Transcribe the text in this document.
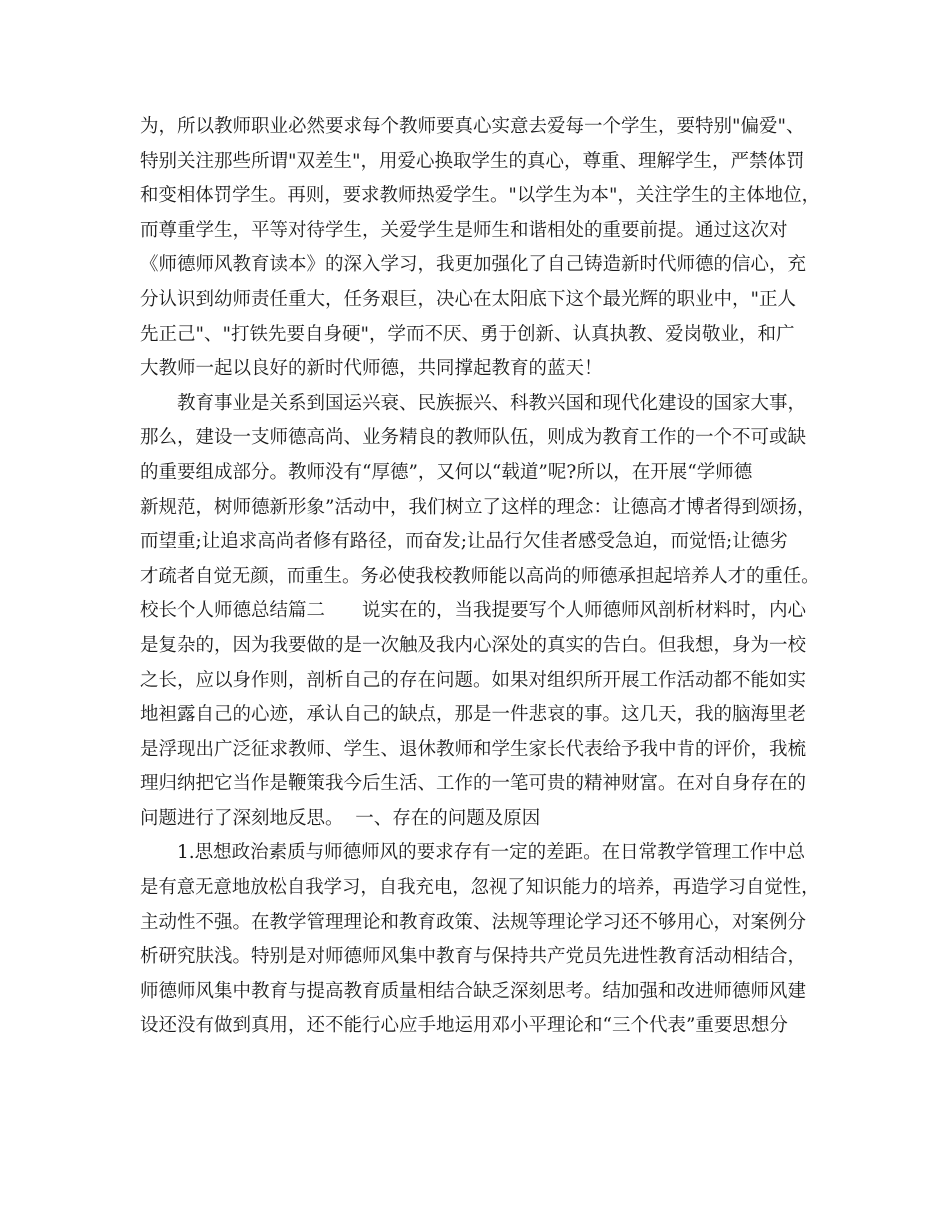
为，所以教师职业必然要求每个教师要真心实意去爱每一个学生，要特别"偏爱"、
特别关注那些所谓"双差生"，用爱心换取学生的真心，尊重、理解学生，严禁体罚
和变相体罚学生。再则，要求教师热爱学生。"以学生为本"，关注学生的主体地位，
而尊重学生，平等对待学生，关爱学生是师生和谐相处的重要前提。通过这次对
《师德师风教育读本》的深入学习，我更加强化了自己铸造新时代师德的信心，充
分认识到幼师责任重大，任务艰巨，决心在太阳底下这个最光辉的职业中，"正人
先正己"、"打铁先要自身硬"，学而不厌、勇于创新、认真执教、爱岗敬业，和广
大教师一起以良好的新时代师德，共同撑起教育的蓝天！
　　教育事业是关系到国运兴衰、民族振兴、科教兴国和现代化建设的国家大事，
那么，建设一支师德高尚、业务精良的教师队伍，则成为教育工作的一个不可或缺
的重要组成部分。教师没有“厚德”，又何以“载道”呢?所以，在开展“学师德
新规范，树师德新形象”活动中，我们树立了这样的理念：让德高才博者得到颂扬，
而望重;让追求高尚者修有路径，而奋发;让品行欠佳者感受急迫，而觉悟;让德劣
才疏者自觉无颜，而重生。务必使我校教师能以高尚的师德承担起培养人才的重任。
校长个人师德总结篇二　　说实在的，当我提要写个人师德师风剖析材料时，内心
是复杂的，因为我要做的是一次触及我内心深处的真实的告白。但我想，身为一校
之长，应以身作则，剖析自己的存在问题。如果对组织所开展工作活动都不能如实
地袒露自己的心迹，承认自己的缺点，那是一件悲哀的事。这几天，我的脑海里老
是浮现出广泛征求教师、学生、退休教师和学生家长代表给予我中肯的评价，我梳
理归纳把它当作是鞭策我今后生活、工作的一笔可贵的精神财富。在对自身存在的
问题进行了深刻地反思。  一、存在的问题及原因
　　1.思想政治素质与师德师风的要求存有一定的差距。在日常教学管理工作中总
是有意无意地放松自我学习，自我充电，忽视了知识能力的培养，再造学习自觉性，
主动性不强。在教学管理理论和教育政策、法规等理论学习还不够用心，对案例分
析研究肤浅。特别是对师德师风集中教育与保持共产党员先进性教育活动相结合，
师德师风集中教育与提高教育质量相结合缺乏深刻思考。结加强和改进师德师风建
设还没有做到真用，还不能行心应手地运用邓小平理论和“三个代表”重要思想分
